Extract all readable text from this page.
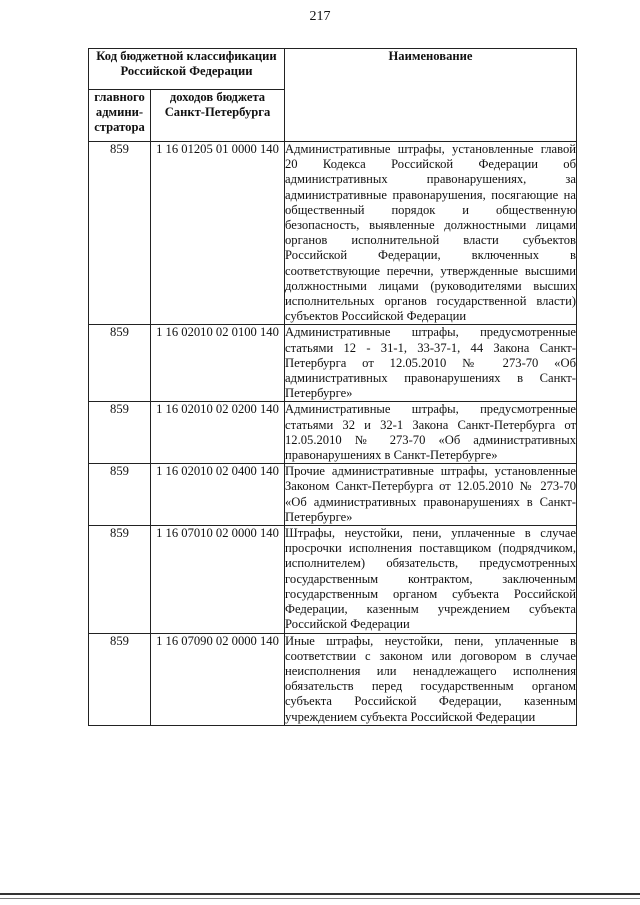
217
Код бюджетной классификации Российской Федерации		Наименование
главного админи-стратора	доходов бюджета Санкт-Петербурга	
859	1 16 01205 01 0000 140	Административные штрафы, установленные главой 20 Кодекса Российской Федерации об административных правонарушениях, за административные правонарушения, посягающие на общественный порядок и общественную безопасность, выявленные должностными лицами органов исполнительной власти субъектов Российской Федерации, включенных в соответствующие перечни, утвержденные высшими должностными лицами (руководителями высших исполнительных органов государственной власти) субъектов Российской Федерации
859	1 16 02010 02 0100 140	Административные штрафы, предусмотренные статьями 12 - 31-1, 33-37-1, 44 Закона Санкт-Петербурга от 12.05.2010 № 273-70 «Об административных правонарушениях в Санкт-Петербурге»
859	1 16 02010 02 0200 140	Административные штрафы, предусмотренные статьями 32 и 32-1 Закона Санкт-Петербурга от 12.05.2010 № 273-70 «Об административных правонарушениях в Санкт-Петербурге»
859	1 16 02010 02 0400 140	Прочие административные штрафы, установленные Законом Санкт-Петербурга от 12.05.2010 № 273-70 «Об административных правонарушениях в Санкт-Петербурге»
859	1 16 07010 02 0000 140	Штрафы, неустойки, пени, уплаченные в случае просрочки исполнения поставщиком (подрядчиком, исполнителем) обязательств, предусмотренных государственным контрактом, заключенным государственным органом субъекта Российской Федерации, казенным учреждением субъекта Российской Федерации
859	1 16 07090 02 0000 140	Иные штрафы, неустойки, пени, уплаченные в соответствии с законом или договором в случае неисполнения или ненадлежащего исполнения обязательств перед государственным органом субъекта Российской Федерации, казенным учреждением субъекта Российской Федерации
